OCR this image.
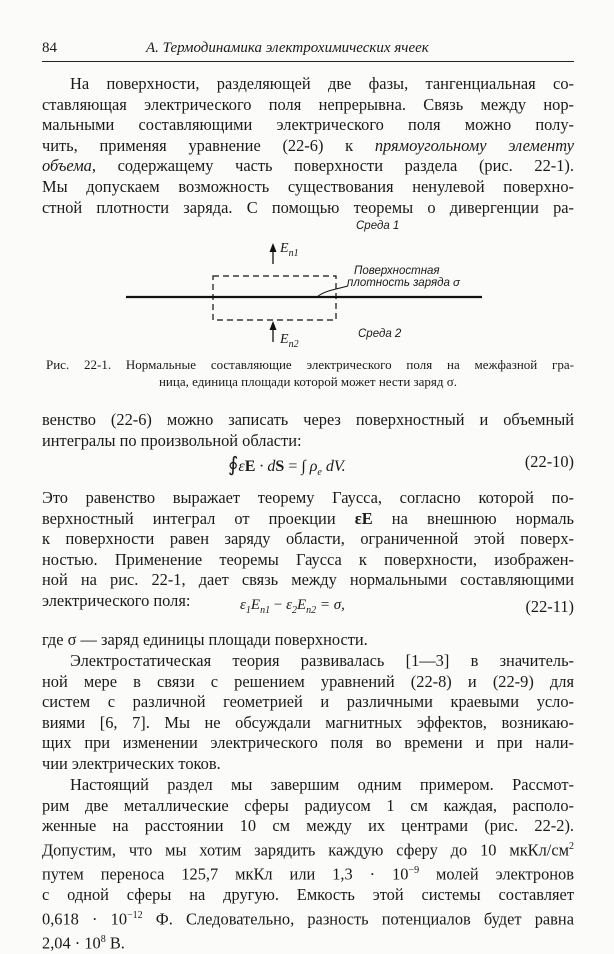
84	А. Термодинамика электрохимических ячеек
На поверхности, разделяющей две фазы, тангенциальная со-
ставляющая электрического поля непрерывна. Связь между нор-
мальными составляющими электрического поля можно полу-
чить, применяя уравнение (22-6) к прямоугольному элементу
объема, содержащему часть поверхности раздела (рис. 22-1).
Мы допускаем возможность существования ненулевой поверхно-
стной плотности заряда. С помощью теоремы о дивергенции ра-
Среда 1
$E_{n1}$
Поверхностная
плотность заряда σ
Среда 2
$E_{n2}$
Рис. 22-1. Нормальные составляющие электрического поля на межфазной гра-
ница, единица площади которой может нести заряд σ.
венство (22-6) можно записать через поверхностный и объемный
интегралы по произвольной области:
∮εE · dS = ∫ $\rho_e$ dV.	(22-10)
Это равенство выражает теорему Гаусса, согласно которой по-
верхностный интеграл от проекции εE на внешнюю нормаль
к поверхности равен заряду области, ограниченной этой поверх-
ностью. Применение теоремы Гаусса к поверхности, изображен-
ной на рис. 22-1, дает связь между нормальными составляющими
электрического поля:	$\varepsilon_1E_{n1} - \varepsilon_2E_{n2} = \sigma$,	(22-11)
где σ — заряд единицы площади поверхности.
Электростатическая теория развивалась [1—3] в значитель-
ной мере в связи с решением уравнений (22-8) и (22-9) для
систем с различной геометрией и различными краевыми усло-
виями [6, 7]. Мы не обсуждали магнитных эффектов, возникаю-
щих при изменении электрического поля во времени и при нали-
чии электрических токов.
Настоящий раздел мы завершим одним примером. Рассмот-
рим две металлические сферы радиусом 1 см каждая, располо-
женные на расстоянии 10 см между их центрами (рис. 22-2).
Допустим, что мы хотим зарядить каждую сферу до 10 мкКл/$см^2$
путем переноса 125,7 мкКл или $1,3 \cdot 10^{-9}$ молей электронов
с одной сферы на другую. Емкость этой системы составляет
$0,618 \cdot 10^{-12}$ Ф. Следовательно, разность потенциалов будет равна
$2,04 \cdot 10^8$ В.
